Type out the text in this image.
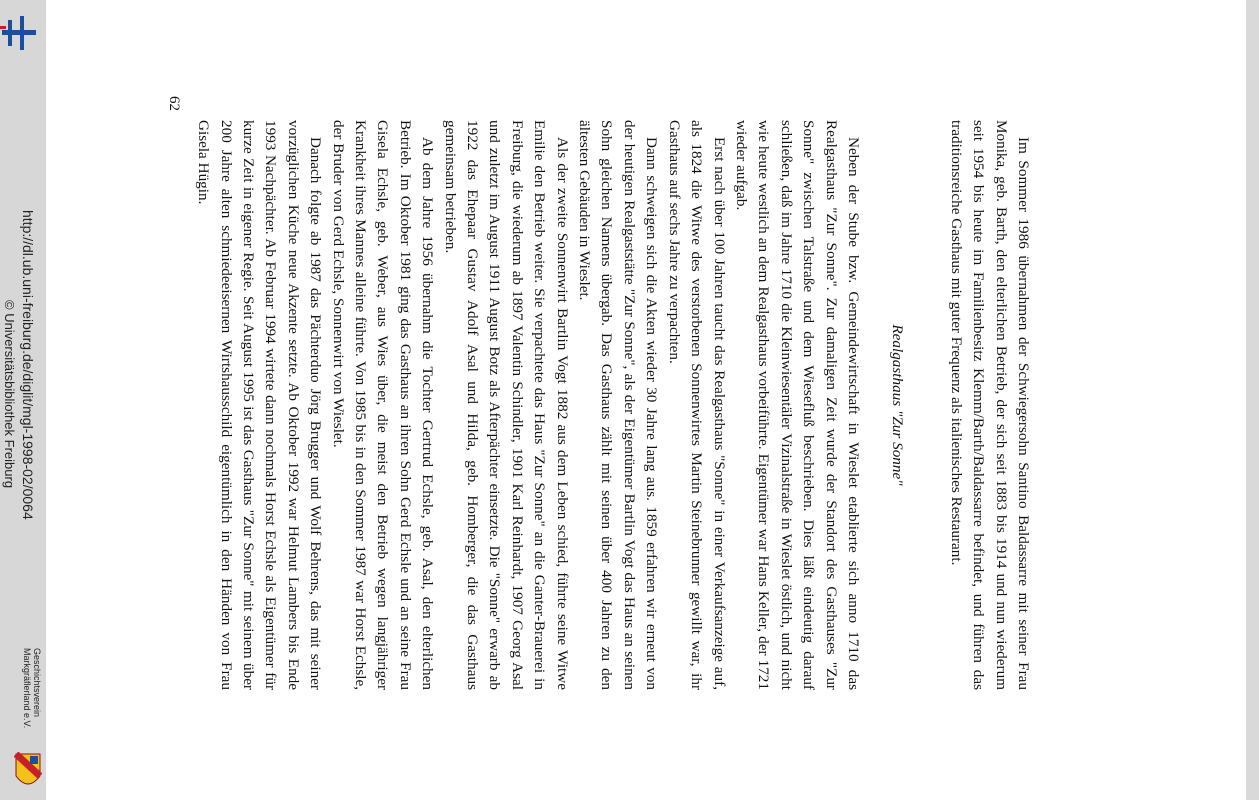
Im Sommer 1986 übernahmen der Schwiegersohn Santino Baldassarre mit seiner Frau Monika, geb. Barth, den elterlichen Betrieb, der sich seit 1883 bis 1914 und nun wiederum seit 1954 bis heute im Familienbesitz Klemm/Barth/Baldassarre befindet, und führen das traditionsreiche Gasthaus mit guter Frequenz als italienisches Restaurant.

Realgasthaus "Zur Sonne"

Neben der Stube bzw. Gemeindewirtschaft in Wieslet etablierte sich anno 1710 das Realgasthaus "Zur Sonne". Zur damaligen Zeit wurde der Standort des Gasthauses "Zur Sonne" zwischen Talstraße und dem Wiesefluß beschrieben. Dies läßt eindeutig darauf schließen, daß im Jahre 1710 die Kleinwiesentäler Vizinalstraße in Wieslet östlich, und nicht wie heute westlich an dem Realgasthaus vorbeiführte. Eigentümer war Hans Keller, der 1721 wieder aufgab.

Erst nach über 100 Jahren taucht das Realgasthaus "Sonne" in einer Verkaufsanzeige auf, als 1824 die Witwe des verstorbenen Sonnenwirtes Martin Steinebrunner gewillt war, ihr Gasthaus auf sechs Jahre zu verpachten.

Dann schweigen sich die Akten wieder 30 Jahre lang aus. 1859 erfahren wir erneut von der heutigen Realgaststätte "Zur Sonne", als der Eigentümer Bartlin Vogt das Haus an seinen Sohn gleichen Namens übergab. Das Gasthaus zählt mit seinen über 400 Jahren zu den ältesten Gebäuden in Wieslet.

Als der zweite Sonnenwirt Bartlin Vogt 1882 aus dem Leben schied, führte seine Witwe Emilie den Betrieb weiter. Sie verpachtete das Haus "Zur Sonne" an die Ganter-Brauerei in Freiburg, die wiederum ab 1897 Valentin Schindler, 1901 Karl Reinhardt, 1907 Georg Asal und zuletzt im August 1911 August Botz als Afterpächter einsetzte. Die "Sonne" erwarb ab 1922 das Ehepaar Gustav Adolf Asal und Hilda, geb. Homberger, die das Gasthaus gemeinsam betrieben.

Ab dem Jahre 1956 übernahm die Tochter Gertrud Echsle, geb. Asal, den elterlichen Betrieb. Im Oktober 1981 ging das Gasthaus an ihren Sohn Gerd Echsle und an seine Frau Gisela Echsle, geb. Weber, aus Wies über, die meist den Betrieb wegen langjähriger Krankheit ihres Mannes alleine führte. Von 1985 bis in den Sommer 1987 war Horst Echsle, der Bruder von Gerd Echsle, Sonnenwirt von Wieslet.

Danach folgte ab 1987 das Pächterduo Jörg Brugger und Wolf Behrens, das mit seiner vorzüglichen Küche neue Akzente setzte. Ab Oktober 1992 war Helmut Lambers bis Ende 1993 Nachpächter. Ab Februar 1994 wirtete dann nochmals Horst Echsle als Eigentümer für kurze Zeit in eigener Regie. Seit August 1995 ist das Gasthaus "Zur Sonne" mit seinem über 200 Jahre alten schmiedeeisernen Wirtshausschild eigentümlich in den Händen von Frau Gisela Hügin.

62
http://dl.ub.uni-freiburg.de/diglit/mgl-1998-02/0064
© Universitätsbibliothek Freiburg
Geschichtsverein
Markgräflerland e.V.
